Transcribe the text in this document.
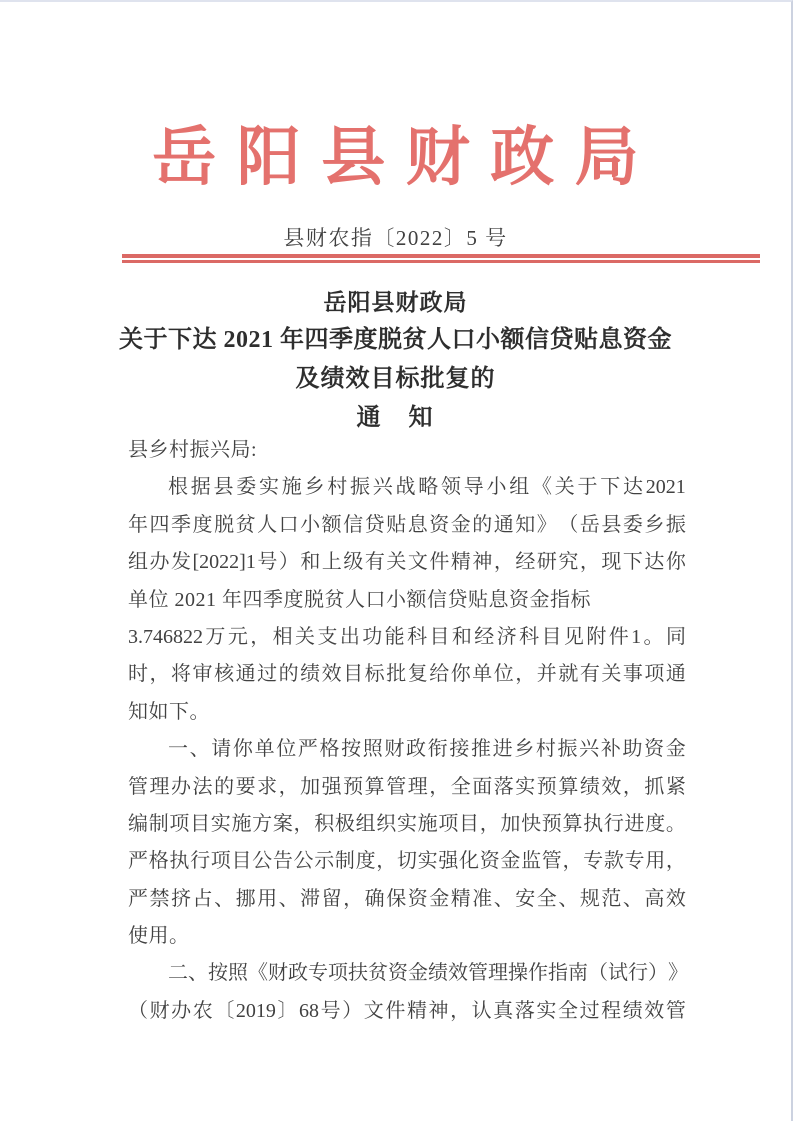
岳阳县财政局
县财农指〔2022〕5 号
岳阳县财政局
关于下达 2021 年四季度脱贫人口小额信贷贴息资金
及绩效目标批复的
通　知
县乡村振兴局:
根 据 县 委 实 施 乡 村 振 兴 战 略 领 导 小 组 《 关 于 下 达 2021
年 四 季 度 脱 贫 人 口 小 额 信 贷 贴 息 资 金 的 通 知 》 （ 岳 县 委 乡 振
组 办 发 [2022]1 号 ） 和 上 级 有 关 文 件 精 神 ， 经 研 究 ， 现 下 达 你
单位 2021 年四季度脱贫人口小额信贷贴息资金指标
3.746822 万 元 ， 相 关 支 出 功 能 科 目 和 经 济 科 目 见 附 件 1 。 同
时 ， 将 审 核 通 过 的 绩 效 目 标 批 复 给 你 单 位 ， 并 就 有 关 事 项 通
知如下。
一 、 请 你 单 位 严 格 按 照 财 政 衔 接 推 进 乡 村 振 兴 补 助 资 金
管 理 办 法 的 要 求 ， 加 强 预 算 管 理 ， 全 面 落 实 预 算 绩 效 ， 抓 紧
编 制 项 目 实 施 方 案 ， 积 极 组 织 实 施 项 目 ， 加 快 预 算 执 行 进 度 。
严 格 执 行 项 目 公 告 公 示 制 度 ， 切 实 强 化 资 金 监 管 ， 专 款 专 用 ，
严 禁 挤 占 、 挪 用 、 滞 留 ， 确 保 资 金 精 准 、 安 全 、 规 范 、 高 效
使用。
二 、 按 照 《 财 政 专 项 扶 贫 资 金 绩 效 管 理 操 作 指 南 （ 试 行 ） 》
（ 财 办 农 〔 2019 〕 68 号 ） 文 件 精 神 ， 认 真 落 实 全 过 程 绩 效 管
